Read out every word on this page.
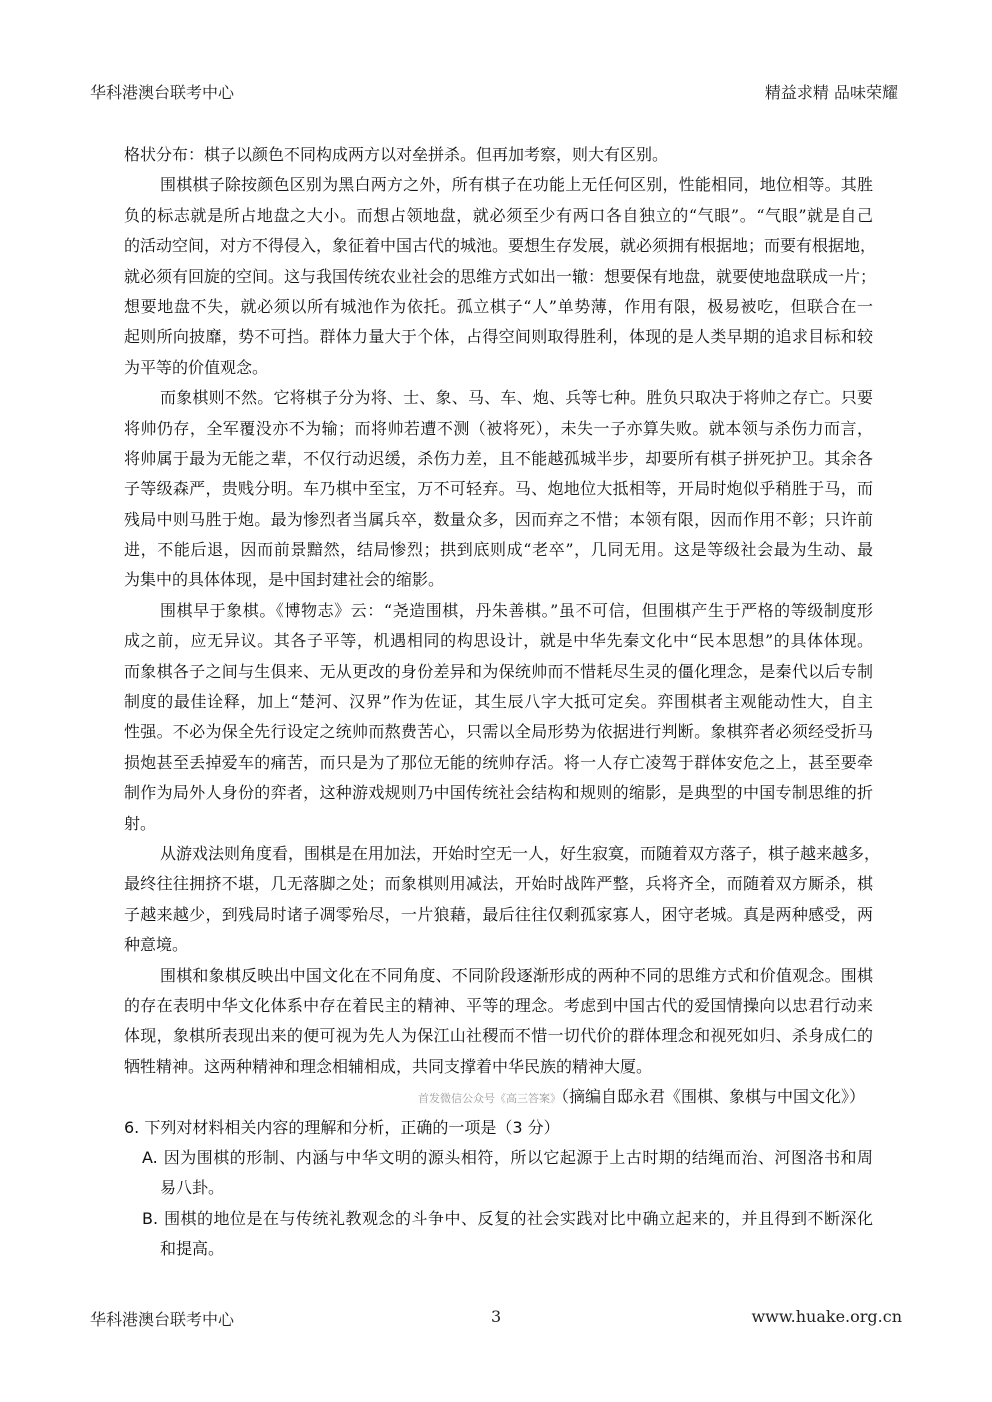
华科港澳台联考中心	精益求精 品味荣耀
格状分布：棋子以颜色不同构成两方以对垒拼杀。但再加考察，则大有区别。
围棋棋子除按颜色区别为黑白两方之外，所有棋子在功能上无任何区别，性能相同，地位相等。其胜
负的标志就是所占地盘之大小。而想占领地盘，就必须至少有两口各自独立的“气眼”。“气眼”就是自己
的活动空间，对方不得侵入，象征着中国古代的城池。要想生存发展，就必须拥有根据地；而要有根据地，
就必须有回旋的空间。这与我国传统农业社会的思维方式如出一辙：想要保有地盘，就要使地盘联成一片；
想要地盘不失，就必须以所有城池作为依托。孤立棋子“人”单势薄，作用有限，极易被吃，但联合在一
起则所向披靡，势不可挡。群体力量大于个体，占得空间则取得胜利，体现的是人类早期的追求目标和较
为平等的价值观念。
而象棋则不然。它将棋子分为将、士、象、马、车、炮、兵等七种。胜负只取决于将帅之存亡。只要
将帅仍存，全军覆没亦不为输；而将帅若遭不测（被将死），未失一子亦算失败。就本领与杀伤力而言，
将帅属于最为无能之辈，不仅行动迟缓，杀伤力差，且不能越孤城半步，却要所有棋子拼死护卫。其余各
子等级森严，贵贱分明。车乃棋中至宝，万不可轻弃。马、炮地位大抵相等，开局时炮似乎稍胜于马，而
残局中则马胜于炮。最为惨烈者当属兵卒，数量众多，因而弃之不惜；本领有限，因而作用不彰；只许前
进，不能后退，因而前景黯然，结局惨烈；拱到底则成“老卒”，几同无用。这是等级社会最为生动、最
为集中的具体体现，是中国封建社会的缩影。
围棋早于象棋。《博物志》云：“尧造围棋，丹朱善棋。”虽不可信，但围棋产生于严格的等级制度形
成之前，应无异议。其各子平等，机遇相同的构思设计，就是中华先秦文化中“民本思想”的具体体现。
而象棋各子之间与生俱来、无从更改的身份差异和为保统帅而不惜耗尽生灵的僵化理念，是秦代以后专制
制度的最佳诠释，加上“楚河、汉界”作为佐证，其生辰八字大抵可定矣。弈围棋者主观能动性大，自主
性强。不必为保全先行设定之统帅而熬费苦心，只需以全局形势为依据进行判断。象棋弈者必须经受折马
损炮甚至丢掉爱车的痛苦，而只是为了那位无能的统帅存活。将一人存亡凌驾于群体安危之上，甚至要牵
制作为局外人身份的弈者，这种游戏规则乃中国传统社会结构和规则的缩影，是典型的中国专制思维的折
射。
从游戏法则角度看，围棋是在用加法，开始时空无一人，好生寂寞，而随着双方落子，棋子越来越多，
最终往往拥挤不堪，几无落脚之处；而象棋则用减法，开始时战阵严整，兵将齐全，而随着双方厮杀，棋
子越来越少，到残局时诸子凋零殆尽，一片狼藉，最后往往仅剩孤家寡人，困守老城。真是两种感受，两
种意境。
围棋和象棋反映出中国文化在不同角度、不同阶段逐渐形成的两种不同的思维方式和价值观念。围棋
的存在表明中华文化体系中存在着民主的精神、平等的理念。考虑到中国古代的爱国情操向以忠君行动来
体现，象棋所表现出来的便可视为先人为保江山社稷而不惜一切代价的群体理念和视死如归、杀身成仁的
牺牲精神。这两种精神和理念相辅相成，共同支撑着中华民族的精神大厦。
首发微信公众号《高三答案》（摘编自邸永君《围棋、象棋与中国文化》）
6. 下列对材料相关内容的理解和分析，正确的一项是（3 分）
A. 因为围棋的形制、内涵与中华文明的源头相符，所以它起源于上古时期的结绳而治、河图洛书和周
易八卦。
B. 围棋的地位是在与传统礼教观念的斗争中、反复的社会实践对比中确立起来的，并且得到不断深化
和提高。
华科港澳台联考中心	3	www.huake.org.cn
